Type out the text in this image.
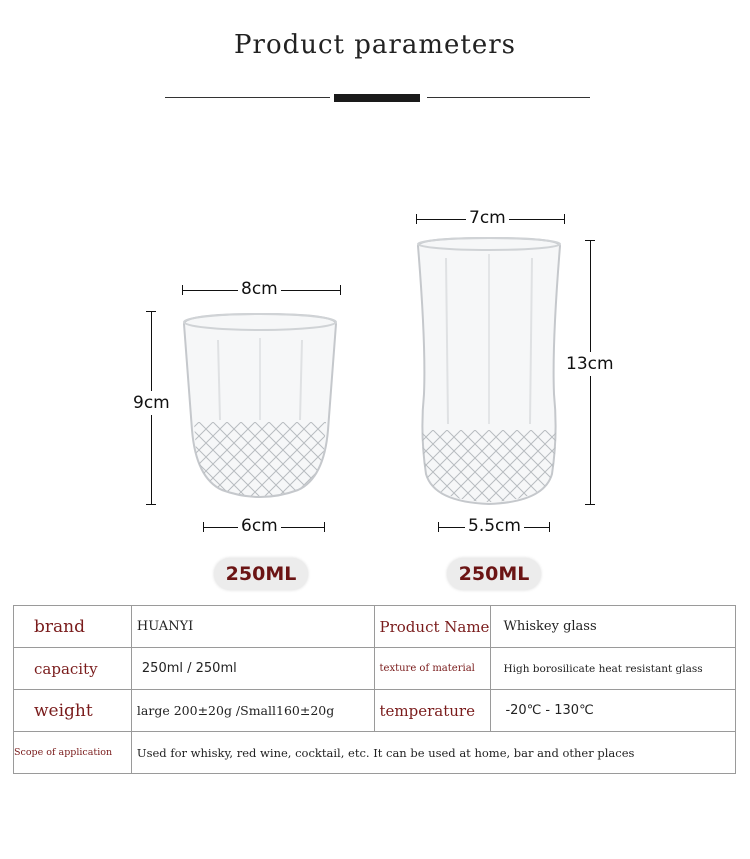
Product parameters
8cm
9cm
6cm
250ML
7cm
13cm
5.5cm
250ML
brand	HUANYI	Product Name	Whiskey glass
capacity	250ml / 250ml	texture of material	High borosilicate heat resistant glass
weight	large 200±20g /Small160±20g	temperature	-20℃ - 130℃
Scope of application	Used for whisky, red wine, cocktail, etc. It can be used at home, bar and other places		
